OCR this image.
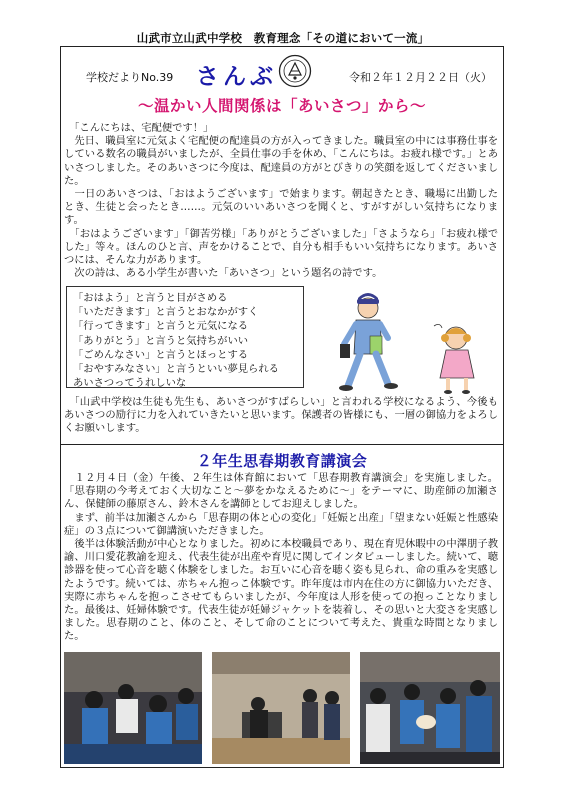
山武市立山武中学校　教育理念「その道において一流」
学校だよりNo.39 さんぶ	令和２年１２月２２日（火）
～温かい人間関係は「あいさつ」から～
　「こんにちは、宅配便です！」
　先日、職員室に元気よく宅配便の配達員の方が入ってきました。職員室の中には事務仕事をしている数名の職員がいましたが、全員仕事の手を休め、「こんにちは。お疲れ様です。」とあいさつしました。そのあいさつに今度は、配達員の方がとびきりの笑顔を返してくださいました。
　一日のあいさつは、「おはようございます」で始まります。朝起きたとき、職場に出勤したとき、生徒と会ったとき……。元気のいいあいさつを聞くと、すがすがしい気持ちになります。
　「おはようございます」「御苦労様」「ありがとうございました」「さようなら」「お疲れ様でした」等々。ほんのひと言、声をかけることで、自分も相手もいい気持ちになります。あいさつには、そんな力があります。
　次の詩は、ある小学生が書いた「あいさつ」という題名の詩です。
「おはよう」と言うと目がさめる
「いただきます」と言うとおなかがすく
「行ってきます」と言うと元気になる
「ありがとう」と言うと気持ちがいい
「ごめんなさい」と言うとほっとする
「おやすみなさい」と言うといい夢見られる
あいさつってうれしいな
　「山武中学校は生徒も先生も、あいさつがすばらしい」と言われる学校になるよう、今後もあいさつの励行に力を入れていきたいと思います。保護者の皆様にも、一層の御協力をよろしくお願いします。
２年生思春期教育講演会
　１２月４日（金）午後、２年生は体育館において「思春期教育講演会」を実施しました。「思春期の今考えておく大切なこと～夢をかなえるために～」をテーマに、助産師の加瀬さん、保健師の藤原さん、鈴木さんを講師としてお迎えしました。
　まず、前半は加瀬さんから「思春期の体と心の変化」「妊娠と出産」「望まない妊娠と性感染症」の３点について御講演いただきました。
　後半は体験活動が中心となりました。初めに本校職員であり、現在育児休暇中の中澤朋子教諭、川口愛花教諭を迎え、代表生徒が出産や育児に関してインタビューしました。続いて、聴診器を使って心音を聴く体験をしました。お互いに心音を聴く姿も見られ、命の重みを実感したようです。続いては、赤ちゃん抱っこ体験です。昨年度は市内在住の方に御協力いただき、実際に赤ちゃんを抱っこさせてもらいましたが、今年度は人形を使っての抱っことなりました。最後は、妊婦体験です。代表生徒が妊婦ジャケットを装着し、その思いと大変さを実感しました。思春期のこと、体のこと、そして命のことについて考えた、貴重な時間となりました。
